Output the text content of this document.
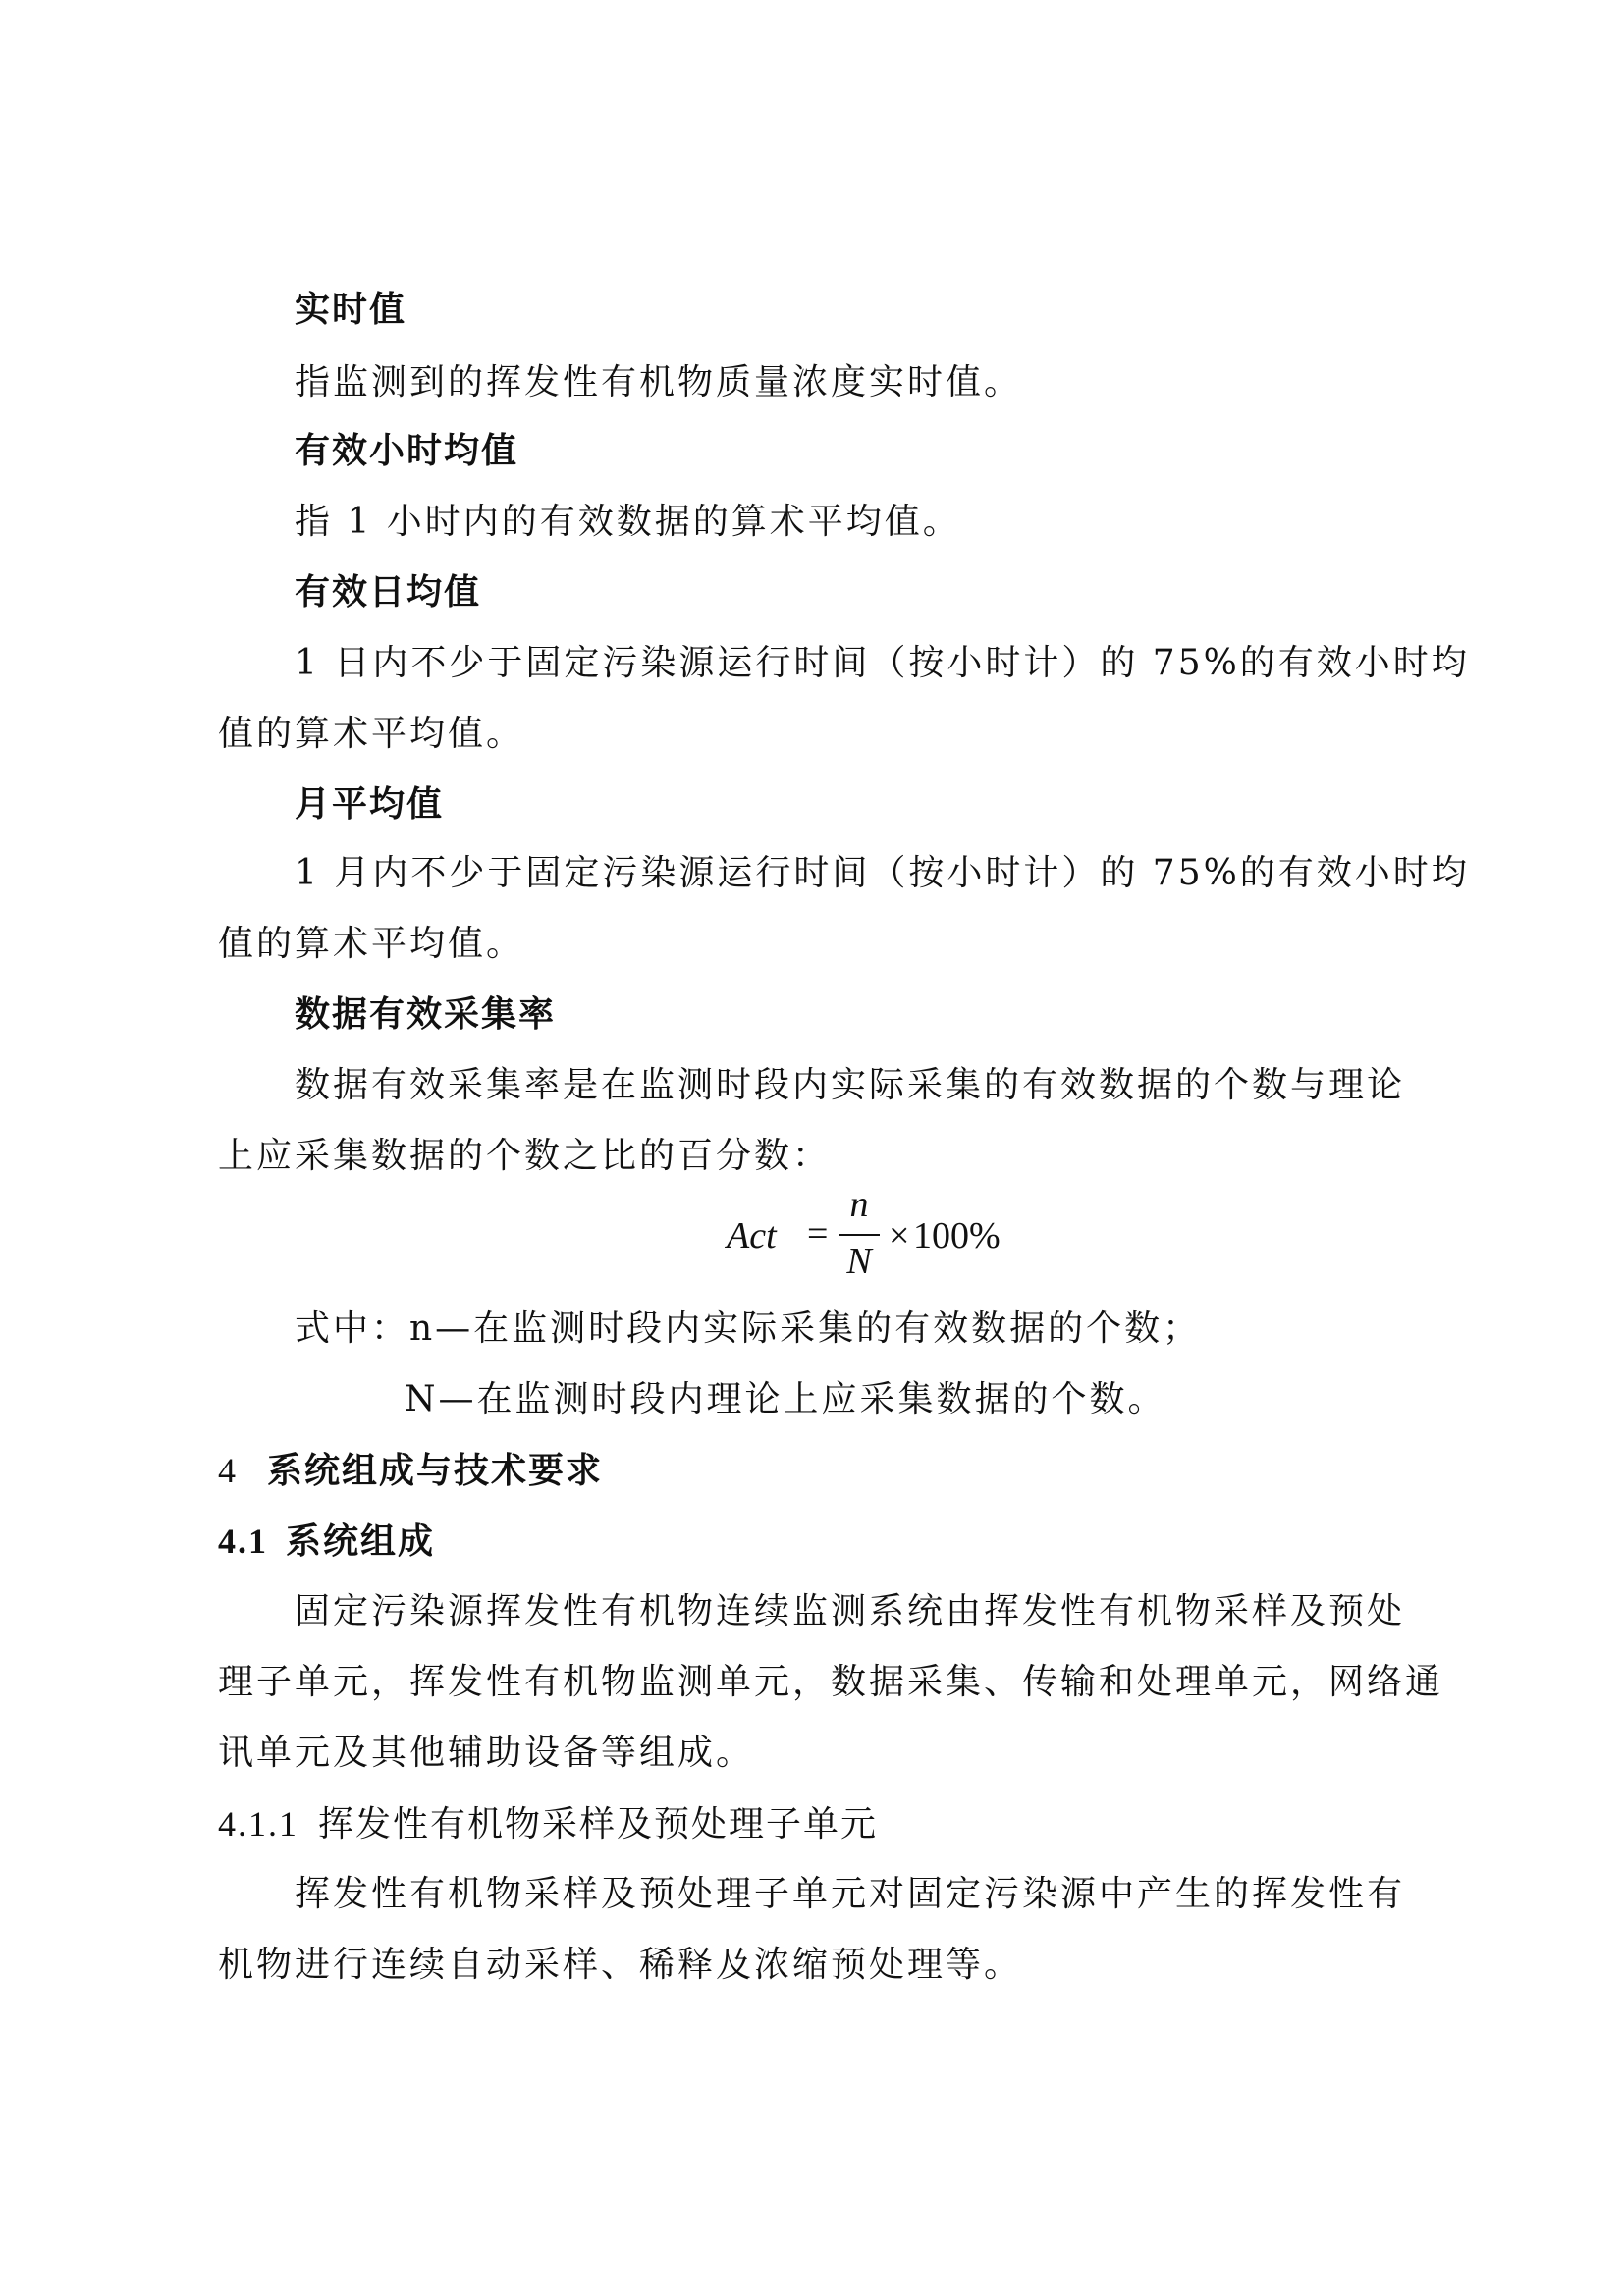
实时值
指监测到的挥发性有机物质量浓度实时值。
有效小时均值
指 1 小时内的有效数据的算术平均值。
有效日均值
1 日内不少于固定污染源运行时间（按小时计）的 75%的有效小时均
值的算术平均值。
月平均值
1 月内不少于固定污染源运行时间（按小时计）的 75%的有效小时均
值的算术平均值。
数据有效采集率
数据有效采集率是在监测时段内实际采集的有效数据的个数与理论
上应采集数据的个数之比的百分数：
Act =
n
N
× 100%
式中：n—在监测时段内实际采集的有效数据的个数；
N—在监测时段内理论上应采集数据的个数。
4 系统组成与技术要求
4.1 系统组成
固定污染源挥发性有机物连续监测系统由挥发性有机物采样及预处
理子单元，挥发性有机物监测单元，数据采集、传输和处理单元，网络通
讯单元及其他辅助设备等组成。
4.1.1 挥发性有机物采样及预处理子单元
挥发性有机物采样及预处理子单元对固定污染源中产生的挥发性有
机物进行连续自动采样、稀释及浓缩预处理等。
